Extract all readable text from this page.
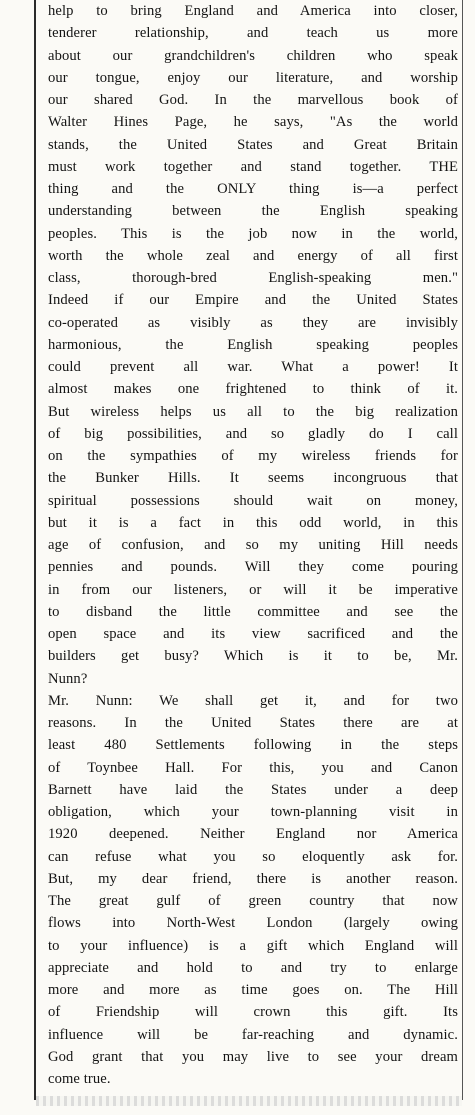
help to bring England and America into closer,
tenderer relationship, and teach us more
about our grandchildren's children who speak
our tongue, enjoy our literature, and worship
our shared God. In the marvellous book of
Walter Hines Page, he says, "As the world
stands, the United States and Great Britain
must work together and stand together. THE
thing and the ONLY thing is—a perfect
understanding between the English speaking
peoples. This is the job now in the world,
worth the whole zeal and energy of all first
class, thorough-bred English-speaking men."
Indeed if our Empire and the United States
co-operated as visibly as they are invisibly
harmonious, the English speaking peoples
could prevent all war. What a power! It
almost makes one frightened to think of it.
But wireless helps us all to the big realization
of big possibilities, and so gladly do I call
on the sympathies of my wireless friends for
the Bunker Hills. It seems incongruous that
spiritual possessions should wait on money,
but it is a fact in this odd world, in this
age of confusion, and so my uniting Hill needs
pennies and pounds. Will they come pouring
in from our listeners, or will it be imperative
to disband the little committee and see the
open space and its view sacrificed and the
builders get busy? Which is it to be, Mr.
Nunn?
Mr. Nunn: We shall get it, and for two
reasons. In the United States there are at
least 480 Settlements following in the steps
of Toynbee Hall. For this, you and Canon
Barnett have laid the States under a deep
obligation, which your town-planning visit in
1920 deepened. Neither England nor America
can refuse what you so eloquently ask for.
But, my dear friend, there is another reason.
The great gulf of green country that now
flows into North-West London (largely owing
to your influence) is a gift which England will
appreciate and hold to and try to enlarge
more and more as time goes on. The Hill
of Friendship will crown this gift. Its
influence will be far-reaching and dynamic.
God grant that you may live to see your dream
come true.
